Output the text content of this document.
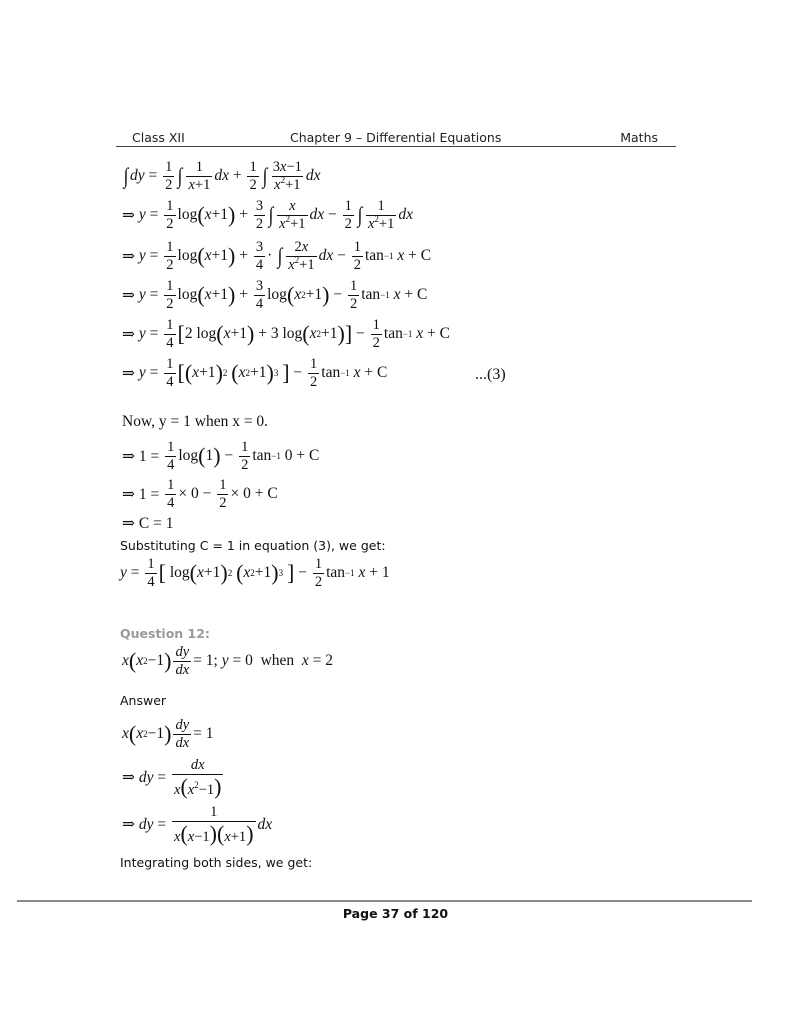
Class XII	Chapter 9 – Differential Equations	Maths
∫ dy = $\frac{1}{2}$ ∫ $\frac{1}{x+1}$ dx + $\frac{1}{2}$ ∫ $\frac{3x-1}{x^2+1}$ dx
⇒ $y = \frac{1}{2}$ log ( x +1 ) + $\frac{3}{2}$ ∫ $\frac{x}{x^2+1}$ dx − $\frac{1}{2}$ ∫ $\frac{1}{x^2+1}$ dx
⇒ $y = \frac{1}{2}$ log ( x +1 ) + $\frac{3}{4}$ · ∫ $\frac{2x}{x^2+1}$ dx − $\frac{1}{2}$ tan −1
x + C
⇒ $y = \frac{1}{2}$ log ( x +1 ) + $\frac{3}{4}$ log ( x 2 +1 ) − $\frac{1}{2}$ tan −1
x + C
⇒ $y = \frac{1}{4}$ [ 2 log ( x +1 ) + 3 log ( x 2 +1 ) ] − $\frac{1}{2}$ tan −1
x + C
⇒ $y = \frac{1}{4}$ [ ( x +1 ) 2
( x 2 +1 ) 3
] − $\frac{1}{2}$ tan −1
x + C	...(3)
Now, y = 1 when x = 0.
⇒ $1 = \frac{1}{4}$ log ( 1 ) − $\frac{1}{2}$ tan −1 0 + C
⇒ $1 = \frac{1}{4} \times 0 - \frac{1}{2} \times 0 + C$
⇒ C = 1
Substituting C = 1 in equation (3), we get:
$y = \frac{1}{4}$ [ log ( x +1 ) 2
( x 2 +1 ) 3
] − $\frac{1}{2}$ tan −1
x + 1
Question 12:
x ( x 2 −1 ) $\frac{dy}{dx} = 1$; y = 0  when x = 2
Answer
x ( x 2 −1 ) $\frac{dy}{dx} = 1$
⇒ dy = $\frac{dx}{x(x^2-1)}$
⇒ dy = $\frac{1}{x(x-1)(x+1)}$ dx
Integrating both sides, we get:
Page 37 of 120
